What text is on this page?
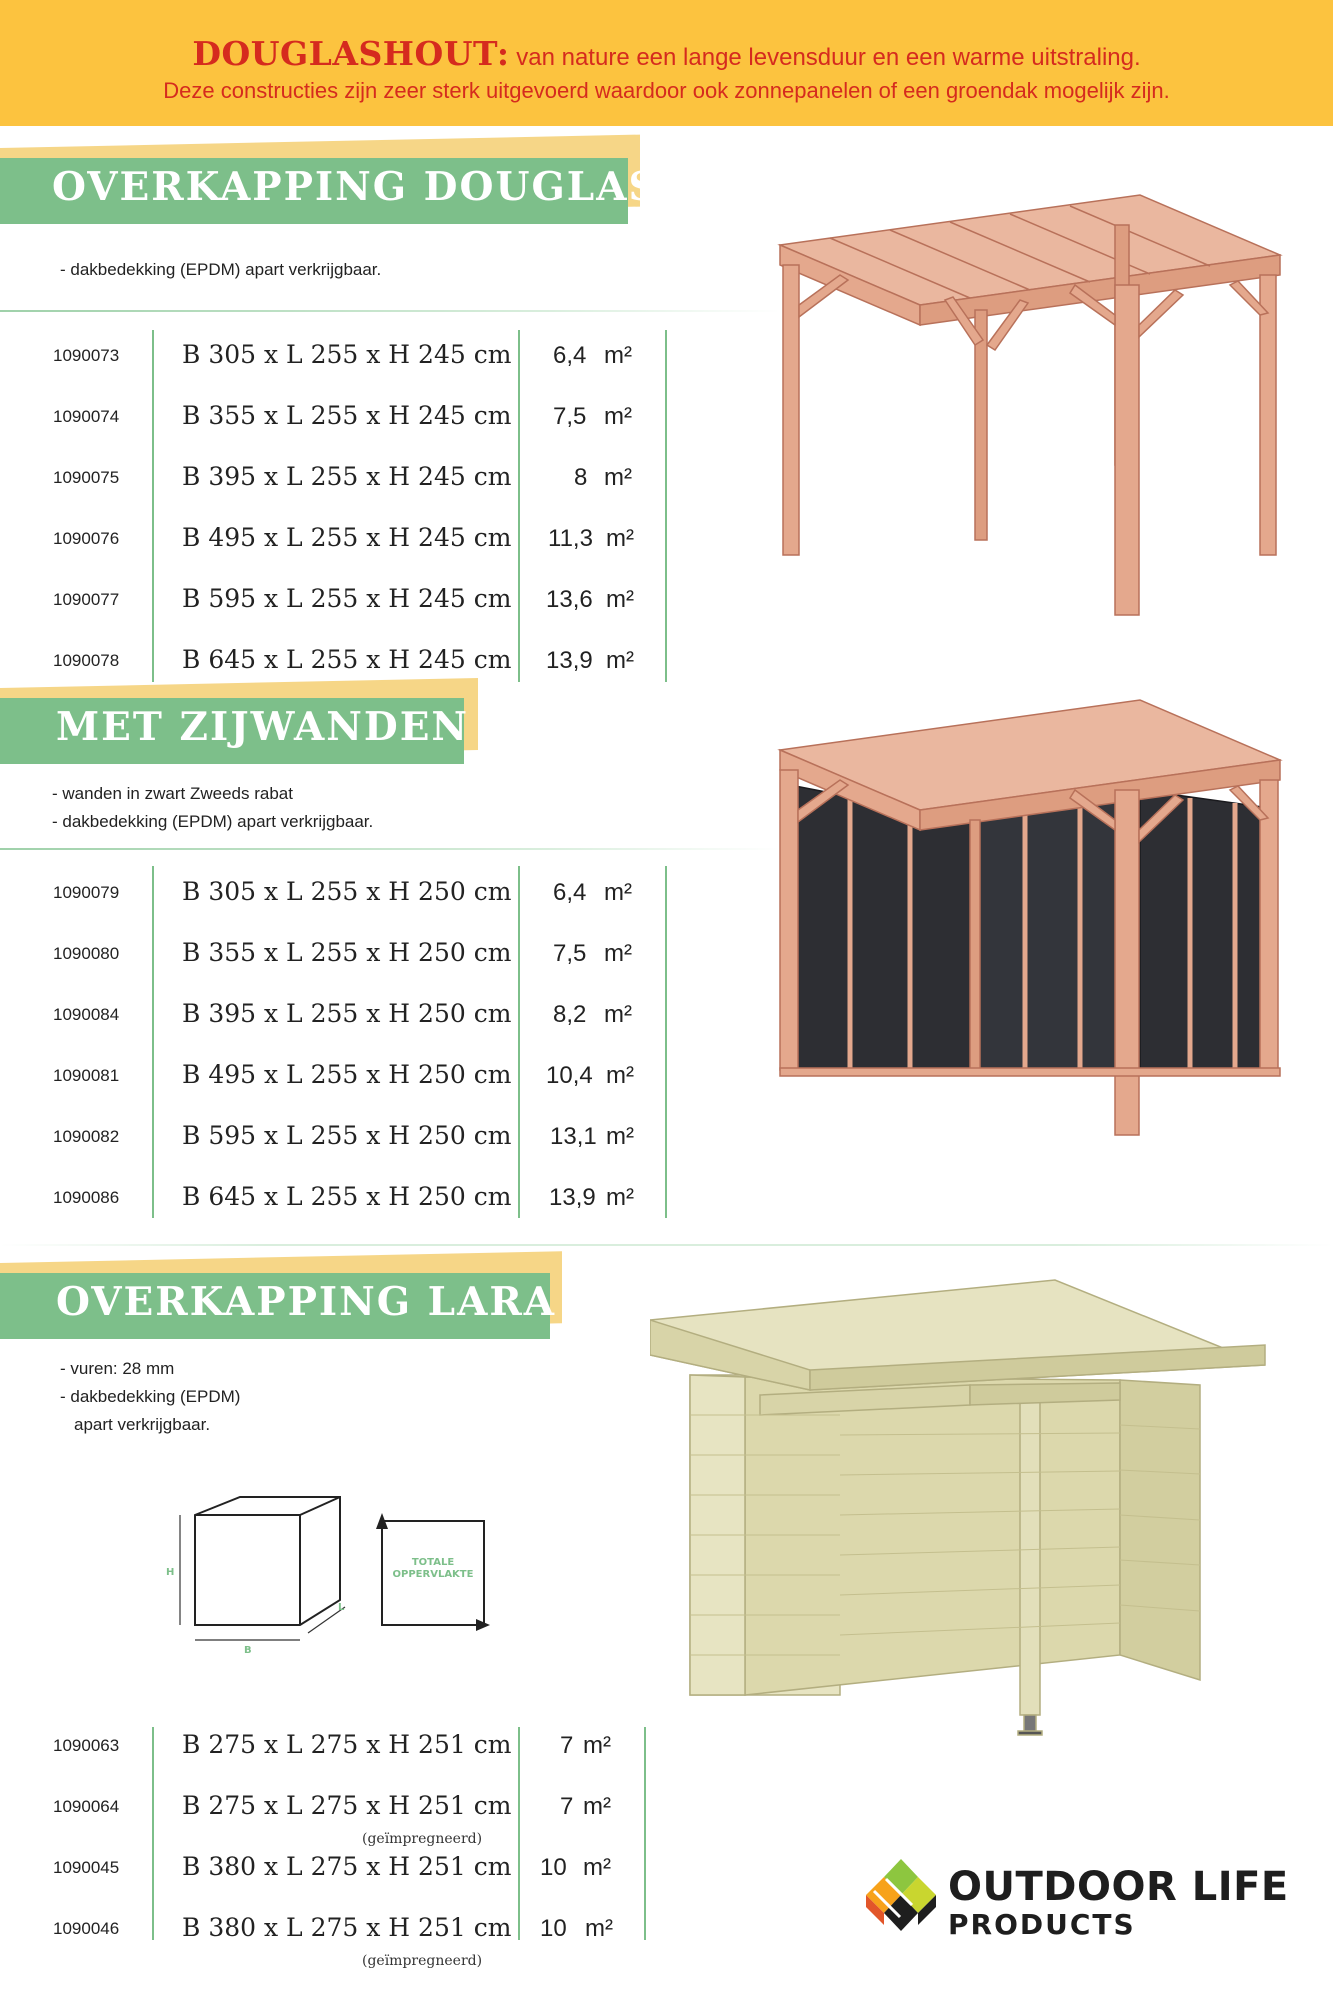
DOUGLASHOUT: van nature een lange levensduur en een warme uitstraling.
Deze constructies zijn zeer sterk uitgevoerd waardoor ook zonnepanelen of een groendak mogelijk zijn.
OVERKAPPING DOUGLAS
- dakbedekking (EPDM) apart verkrijgbaar.
1090073	B 305 x L 255 x H 245 cm 6,4 m²
1090074	B 355 x L 255 x H 245 cm 7,5 m²
1090075	B 395 x L 255 x H 245 cm	8 m²
1090076	B 495 x L 255 x H 245 cm 11,3 m²
1090077	B 595 x L 255 x H 245 cm 13,6 m²
1090078	B 645 x L 255 x H 245 cm 13,9 m²
MET ZIJWANDEN
- wanden in zwart Zweeds rabat
- dakbedekking (EPDM) apart verkrijgbaar.
1090079	B 305 x L 255 x H 250 cm 6,4 m²
1090080	B 355 x L 255 x H 250 cm 7,5 m²
1090084	B 395 x L 255 x H 250 cm 8,2 m²
1090081	B 495 x L 255 x H 250 cm 10,4 m²
1090082	B 595 x L 255 x H 250 cm 13,1 m²
1090086	B 645 x L 255 x H 250 cm 13,9 m²
OVERKAPPING LARA
- vuren: 28 mm
- dakbedekking (EPDM)
apart verkrijgbaar.
H
B
L
TOTALE
OPPERVLAKTE
1090063	B 275 x L 275 x H 251 cm 7 m²
1090064	B 275 x L 275 x H 251 cm 7 m²
(geïmpregneerd)
1090045	B 380 x L 275 x H 251 cm 10 m²
1090046	B 380 x L 275 x H 251 cm 10 m²
(geïmpregneerd)
OUTDOOR LIFE
PRODUCTS
